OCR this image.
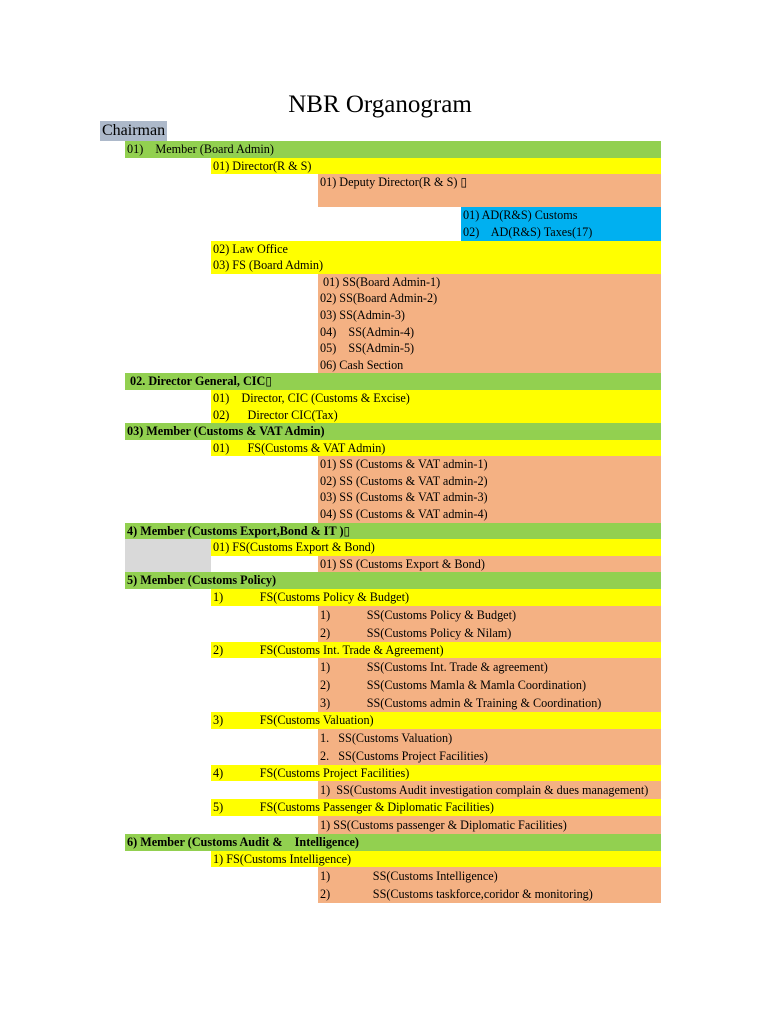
NBR Organogram
Chairman
01)    Member (Board Admin)
01) Director(R & S)
01) Deputy Director(R & S) ▯
01) AD(R&S) Customs
02)    AD(R&S) Taxes(17)
02) Law Office
03) FS (Board Admin)
01) SS(Board Admin-1)
02) SS(Board Admin-2)
03) SS(Admin-3)
04)    SS(Admin-4)
05)    SS(Admin-5)
06) Cash Section
02. Director General, CIC▯
01)    Director, CIC (Customs & Excise)
02)      Director CIC(Tax)
03) Member (Customs & VAT Admin)
01)      FS(Customs & VAT Admin)
01) SS (Customs & VAT admin-1)
02) SS (Customs & VAT admin-2)
03) SS (Customs & VAT admin-3)
04) SS (Customs & VAT admin-4)
4) Member (Customs Export,Bond & IT )▯
01) FS(Customs Export & Bond)
01) SS (Customs Export & Bond)
5) Member (Customs Policy)
1)            FS(Customs Policy & Budget)
1)            SS(Customs Policy & Budget)
2)            SS(Customs Policy & Nilam)
2)            FS(Customs Int. Trade & Agreement)
1)            SS(Customs Int. Trade & agreement)
2)            SS(Customs Mamla & Mamla Coordination)
3)            SS(Customs admin & Training & Coordination)
3)            FS(Customs Valuation)
1.   SS(Customs Valuation)
2.   SS(Customs Project Facilities)
4)            FS(Customs Project Facilities)
1)  SS(Customs Audit investigation complain & dues management)
5)            FS(Customs Passenger & Diplomatic Facilities)
1) SS(Customs passenger & Diplomatic Facilities)
6) Member (Customs Audit &    Intelligence)
1) FS(Customs Intelligence)
1)              SS(Customs Intelligence)
2)              SS(Customs taskforce,coridor & monitoring)
